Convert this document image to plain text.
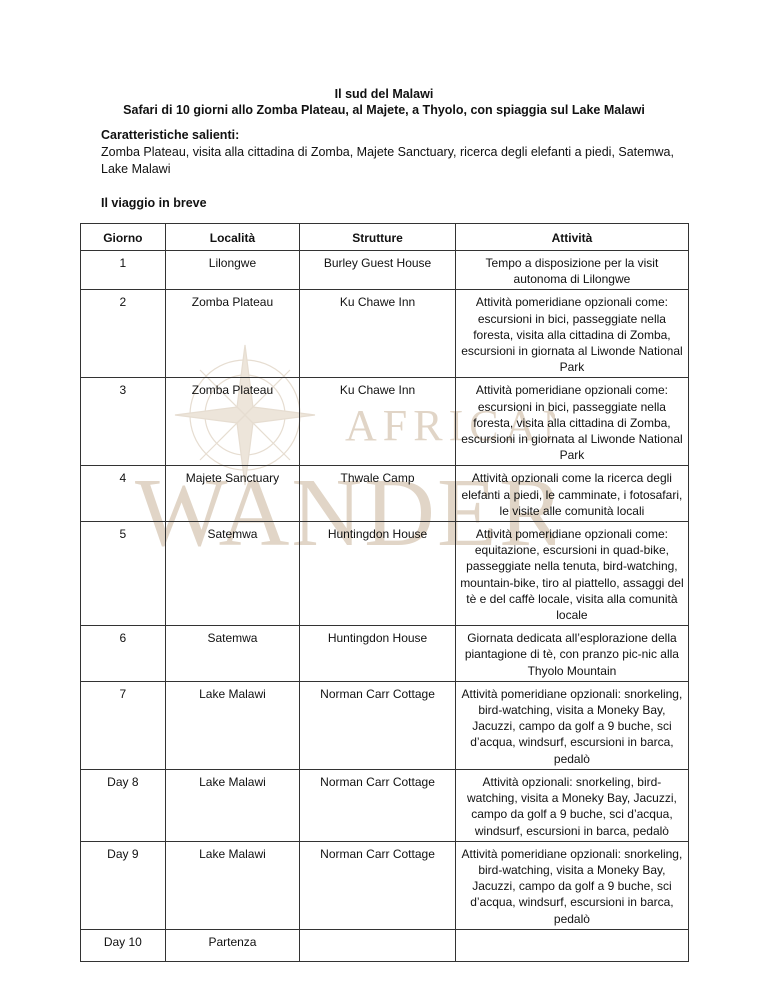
AFRICA
WANDER
Il sud del Malawi
Safari di 10 giorni allo Zomba Plateau, al Majete, a Thyolo, con spiaggia sul Lake Malawi
Caratteristiche salienti:
Zomba Plateau, visita alla cittadina di Zomba, Majete Sanctuary, ricerca degli elefanti a piedi, Satemwa, Lake Malawi
Il viaggio in breve
Giorno	Località	Strutture	Attività
1	Lilongwe	Burley Guest House	Tempo a disposizione per la visit autonoma di Lilongwe
2	Zomba Plateau	Ku Chawe Inn	Attività pomeridiane opzionali come: escursioni in bici, passeggiate nella foresta, visita alla cittadina di Zomba, escursioni in giornata al Liwonde National Park
3	Zomba Plateau	Ku Chawe Inn	Attività pomeridiane opzionali come: escursioni in bici, passeggiate nella foresta, visita alla cittadina di Zomba, escursioni in giornata al Liwonde National Park
4	Majete Sanctuary	Thwale Camp	Attività opzionali come la ricerca degli elefanti a piedi, le camminate, i fotosafari, le visite alle comunità locali
5	Satemwa	Huntingdon House	Attività pomeridiane opzionali come: equitazione, escursioni in quad-bike, passeggiate nella tenuta, bird-watching, mountain-bike, tiro al piattello, assaggi del tè e del caffè locale, visita alla comunità locale
6	Satemwa	Huntingdon House	Giornata dedicata all’esplorazione della piantagione di tè, con pranzo pic-nic alla Thyolo Mountain
7	Lake Malawi	Norman Carr Cottage	Attività pomeridiane opzionali: snorkeling, bird-watching, visita a Moneky Bay, Jacuzzi, campo da golf a 9 buche, sci d’acqua, windsurf, escursioni in barca, pedalò
Day 8	Lake Malawi	Norman Carr Cottage	Attività opzionali: snorkeling, bird-watching, visita a Moneky Bay, Jacuzzi, campo da golf a 9 buche, sci d’acqua, windsurf, escursioni in barca, pedalò
Day 9	Lake Malawi	Norman Carr Cottage	Attività pomeridiane opzionali: snorkeling, bird-watching, visita a Moneky Bay, Jacuzzi, campo da golf a 9 buche, sci d’acqua, windsurf, escursioni in barca, pedalò
Day 10	Partenza		
